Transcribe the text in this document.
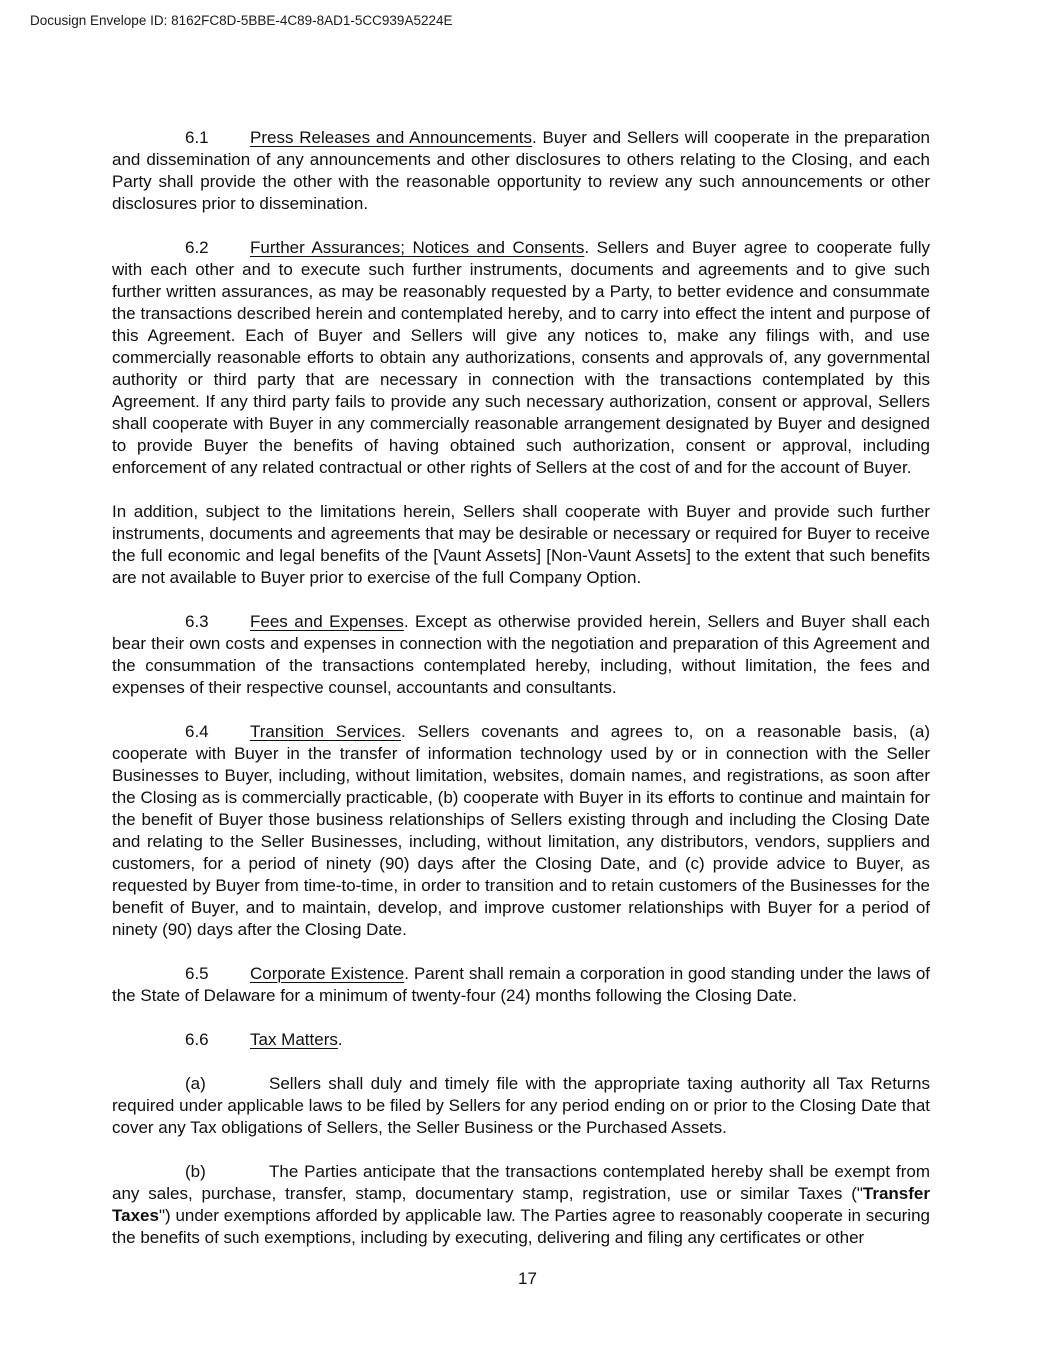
Docusign Envelope ID: 8162FC8D-5BBE-4C89-8AD1-5CC939A5224E

6.1 Press Releases and Announcements. Buyer and Sellers will cooperate in the preparation and dissemination of any announcements and other disclosures to others relating to the Closing, and each Party shall provide the other with the reasonable opportunity to review any such announcements or other disclosures prior to dissemination.

6.2 Further Assurances; Notices and Consents. Sellers and Buyer agree to cooperate fully with each other and to execute such further instruments, documents and agreements and to give such further written assurances, as may be reasonably requested by a Party, to better evidence and consummate the transactions described herein and contemplated hereby, and to carry into effect the intent and purpose of this Agreement. Each of Buyer and Sellers will give any notices to, make any filings with, and use commercially reasonable efforts to obtain any authorizations, consents and approvals of, any governmental authority or third party that are necessary in connection with the transactions contemplated by this Agreement. If any third party fails to provide any such necessary authorization, consent or approval, Sellers shall cooperate with Buyer in any commercially reasonable arrangement designated by Buyer and designed to provide Buyer the benefits of having obtained such authorization, consent or approval, including enforcement of any related contractual or other rights of Sellers at the cost of and for the account of Buyer.

In addition, subject to the limitations herein, Sellers shall cooperate with Buyer and provide such further instruments, documents and agreements that may be desirable or necessary or required for Buyer to receive the full economic and legal benefits of the [Vaunt Assets] [Non-Vaunt Assets] to the extent that such benefits are not available to Buyer prior to exercise of the full Company Option.

6.3 Fees and Expenses. Except as otherwise provided herein, Sellers and Buyer shall each bear their own costs and expenses in connection with the negotiation and preparation of this Agreement and the consummation of the transactions contemplated hereby, including, without limitation, the fees and expenses of their respective counsel, accountants and consultants.

6.4 Transition Services. Sellers covenants and agrees to, on a reasonable basis, (a) cooperate with Buyer in the transfer of information technology used by or in connection with the Seller Businesses to Buyer, including, without limitation, websites, domain names, and registrations, as soon after the Closing as is commercially practicable, (b) cooperate with Buyer in its efforts to continue and maintain for the benefit of Buyer those business relationships of Sellers existing through and including the Closing Date and relating to the Seller Businesses, including, without limitation, any distributors, vendors, suppliers and customers, for a period of ninety (90) days after the Closing Date, and (c) provide advice to Buyer, as requested by Buyer from time-to-time, in order to transition and to retain customers of the Businesses for the benefit of Buyer, and to maintain, develop, and improve customer relationships with Buyer for a period of ninety (90) days after the Closing Date.

6.5 Corporate Existence. Parent shall remain a corporation in good standing under the laws of the State of Delaware for a minimum of twenty-four (24) months following the Closing Date.

6.6 Tax Matters.

(a)	Sellers shall duly and timely file with the appropriate taxing authority all Tax Returns required under applicable laws to be filed by Sellers for any period ending on or prior to the Closing Date that cover any Tax obligations of Sellers, the Seller Business or the Purchased Assets.

(b)	The Parties anticipate that the transactions contemplated hereby shall be exempt from any sales, purchase, transfer, stamp, documentary stamp, registration, use or similar Taxes ("Transfer Taxes") under exemptions afforded by applicable law. The Parties agree to reasonably cooperate in securing the benefits of such exemptions, including by executing, delivering and filing any certificates or other

17
